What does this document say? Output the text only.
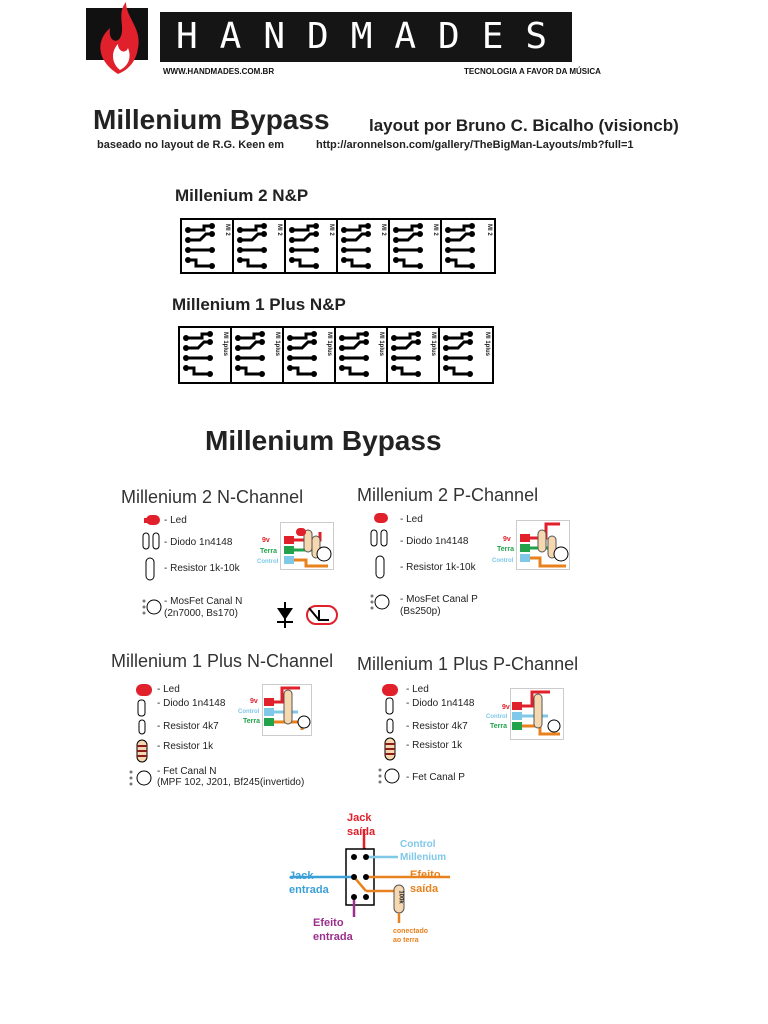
HANDMADES
WWW.HANDMADES.COM.BR	TECNOLOGIA A FAVOR DA MÚSICA
Millenium Bypass layout por Bruno C. Bicalho (visioncb)
baseado no layout de R.G. Keen em	http://aronnelson.com/gallery/TheBigMan-Layouts/mb?full=1
Millenium 2 N&P
MI 2	MI 2	MI 2	MI 2	MI 2	MI 2
Millenium 1 Plus N&P
MI 1plus	MI 1plus	MI 1plus	MI 1plus	MI 1plus	MI 1plus
Millenium Bypass
Millenium 2 N-Channel
- Led
- Diodo 1n4148
- Resistor 1k-10k
- MosFet Canal N
(2n7000, Bs170)
9v
Terra
Control
Millenium 2 P-Channel
- Led
- Diodo 1n4148
- Resistor 1k-10k
- MosFet Canal P
(Bs250p)
9v
Terra
Control
Millenium 1 Plus N-Channel
- Led
- Diodo 1n4148
- Resistor 4k7
- Resistor 1k
- Fet Canal N
(MPF 102, J201, Bf245(invertido)
9v
Control
Terra
Millenium 1 Plus P-Channel
- Led
- Diodo 1n4148
- Resistor 4k7
- Resistor 1k
- Fet Canal P
9v
Control
Terra
Jack
saída
Control
Millenium
Jack
entrada
Efeito
saída
Efeito
entrada
100k
conectado
ao terra
